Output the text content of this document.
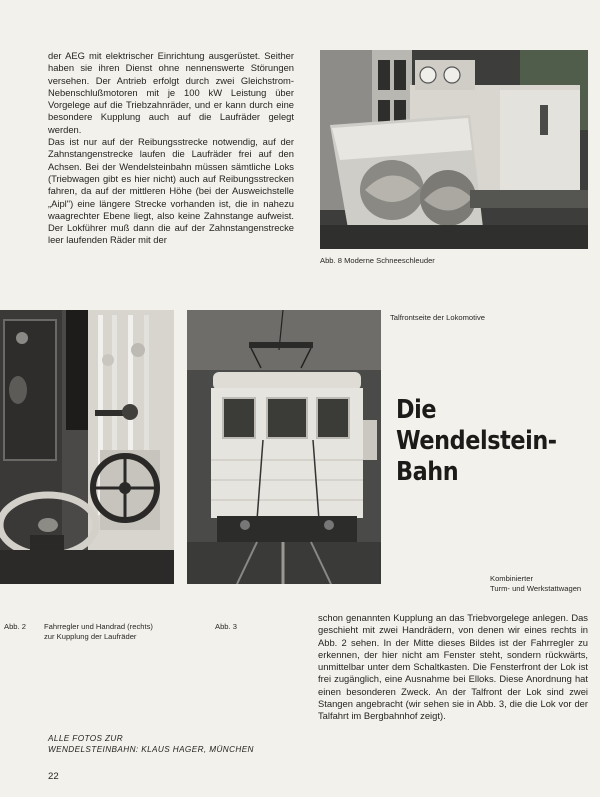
der AEG mit elektrischer Einrichtung ausgerüstet. Seither haben sie ihren Dienst ohne nennenswerte Störungen versehen. Der Antrieb erfolgt durch zwei Gleichstrom-Nebenschlußmotoren mit je 100 kW Leistung über Vorgelege auf die Triebzahnräder, und er kann durch eine besondere Kupplung auch auf die Laufräder gelegt werden.

Das ist nur auf der Reibungsstrecke notwendig, auf der Zahnstangenstrecke laufen die Laufräder frei auf den Achsen. Bei der Wendelsteinbahn müssen sämtliche Loks (Triebwagen gibt es hier nicht) auch auf Reibungsstrecken fahren, da auf der mittleren Höhe (bei der Ausweichstelle „Aipl") eine längere Strecke vorhanden ist, die in nahezu waagrechter Ebene liegt, also keine Zahnstange aufweist. Der Lokführer muß dann die auf der Zahnstangenstrecke leer laufenden Räder mit der

Abb. 8 Moderne Schneeschleuder
Talfrontseite der Lokomotive
Die
Wendelstein-
Bahn
Kombinierter
Turm- und Werkstattwagen
Abb. 2 Fahrregler und Handrad (rechts)
zur Kupplung der Laufräder
Abb. 3
schon genannten Kupplung an das Triebvorgelege anlegen. Das geschieht mit zwei Handrädern, von denen wir eines rechts in Abb. 2 sehen. In der Mitte dieses Bildes ist der Fahrregler zu erkennen, der hier nicht am Fenster steht, sondern rückwärts, unmittelbar unter dem Schaltkasten. Die Fensterfront der Lok ist frei zugänglich, eine Ausnahme bei Elloks. Diese Anordnung hat einen besonderen Zweck. An der Talfront der Lok sind zwei Stangen angebracht (wir sehen sie in Abb. 3, die die Lok vor der Talfahrt im Bergbahnhof zeigt).
ALLE FOTOS ZUR
WENDELSTEINBAHN: KLAUS HAGER, MÜNCHEN
22
